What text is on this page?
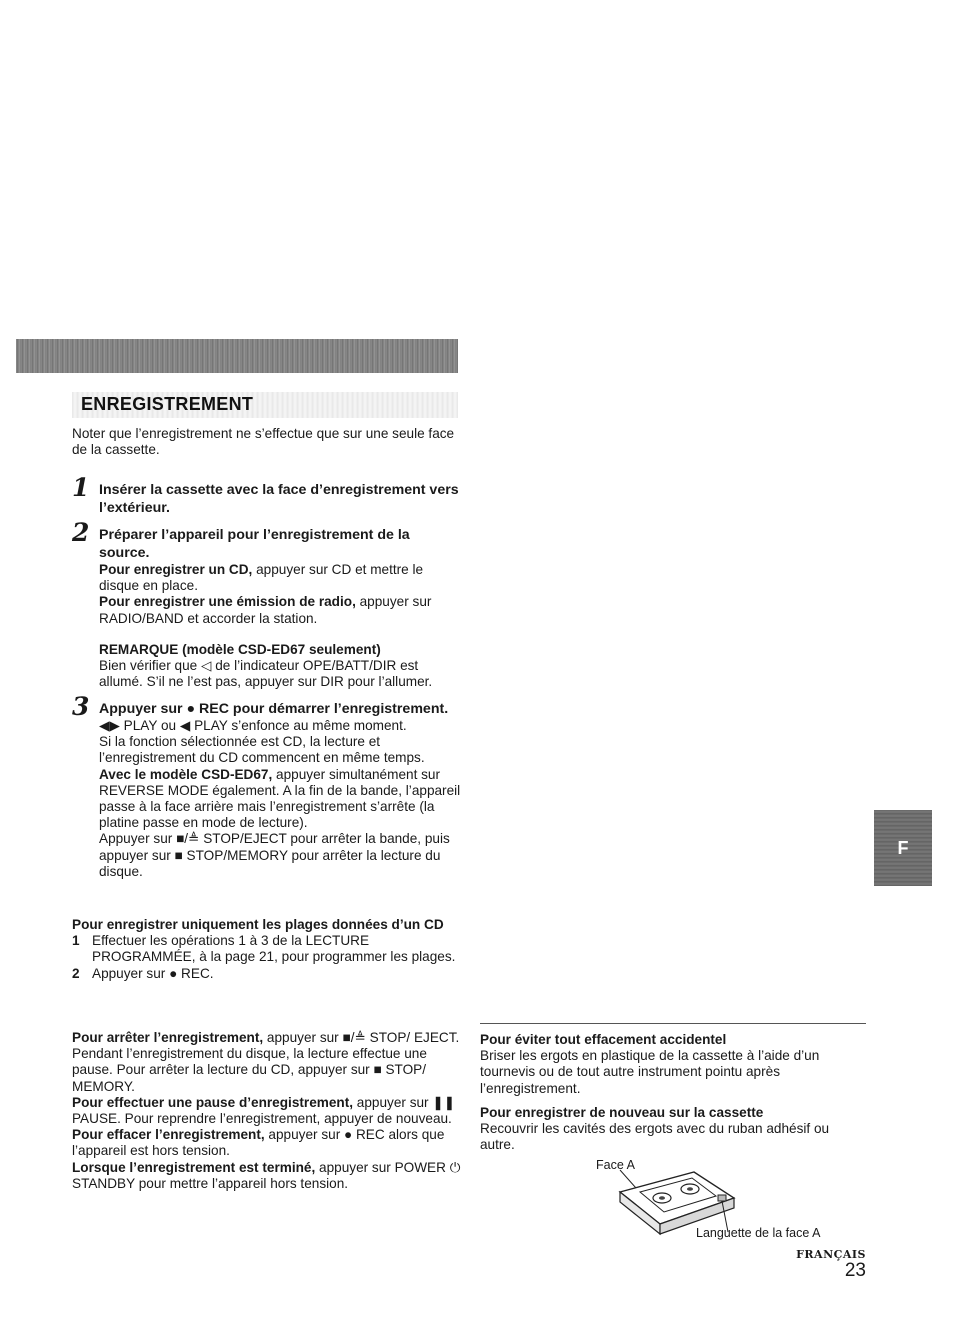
ENREGISTREMENT

Noter que l’enregistrement ne s’effectue que sur une seule face de la cassette.

1 Insérer la cassette avec la face d’enregistrement vers l’extérieur.
2 Préparer l’appareil pour l’enregistrement de la source.

Pour enregistrer un CD, appuyer sur CD et mettre le disque en place.

Pour enregistrer une émission de radio, appuyer sur RADIO/BAND et accorder la station.

REMARQUE (modèle CSD-ED67 seulement)

Bien vérifier que ◁ de l’indicateur OPE/BATT/DIR est allumé. S’il ne l’est pas, appuyer sur DIR pour l’allumer.

3 Appuyer sur ● REC pour démarrer l’enregistrement.

◀▶ PLAY ou ◀ PLAY s’enfonce au même moment.

Si la fonction sélectionnée est CD, la lecture et l’enregistrement du CD commencent en même temps.

Avec le modèle CSD-ED67, appuyer simultanément sur REVERSE MODE également. A la fin de la bande, l’appareil passe à la face arrière mais l’enregistrement s’arrête (la platine passe en mode de lecture).

Appuyer sur ■/≜ STOP/EJECT pour arrêter la bande, puis appuyer sur ■ STOP/MEMORY pour arrêter la lecture du disque.

Pour enregistrer uniquement les plages données d’un CD

1 Effectuer les opérations 1 à 3 de la LECTURE PROGRAMMÉE, à la page 21, pour programmer les plages.
2 Appuyer sur ● REC.

Pour arrêter l’enregistrement, appuyer sur ■/≜ STOP/ EJECT.

Pendant l’enregistrement du disque, la lecture effectue une pause. Pour arrêter la lecture du CD, appuyer sur ■ STOP/ MEMORY.

Pour effectuer une pause d’enregistrement, appuyer sur ❚❚ PAUSE. Pour reprendre l’enregistrement, appuyer de nouveau.

Pour effacer l’enregistrement, appuyer sur ● REC alors que l’appareil est hors tension.

Lorsque l’enregistrement est terminé, appuyer sur POWER ⏻ STANDBY pour mettre l’appareil hors tension.

Pour éviter tout effacement accidentel

Briser les ergots en plastique de la cassette à l’aide d’un tournevis ou de tout autre instrument pointu après l’enregistrement.

Pour enregistrer de nouveau sur la cassette

Recouvrir les cavités des ergots avec du ruban adhésif ou autre.

Face A
Languette de la face A
F
FRANÇAIS 23
